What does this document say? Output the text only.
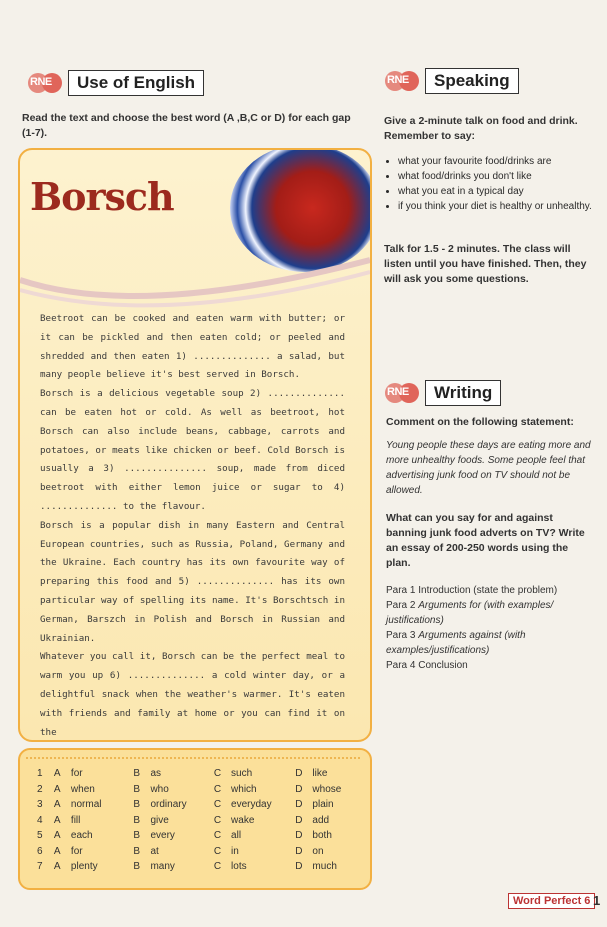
RNE	Use of English
Read the text and choose the best word (A ,B,C or D) for each gap (1-7).
Borsch

Beetroot can be cooked and eaten warm with butter; or it can be pickled and then eaten cold; or peeled and shredded and then eaten 1) .............. a salad, but many people believe it's best served in Borsch.

Borsch is a delicious vegetable soup 2) .............. can be eaten hot or cold. As well as beetroot, hot Borsch can also include beans, cabbage, carrots and potatoes, or meats like chicken or beef. Cold Borsch is usually a 3) ............... soup, made from diced beetroot with either lemon juice or sugar to 4) .............. to the flavour.

Borsch is a popular dish in many Eastern and Central European countries, such as Russia, Poland, Germany and the Ukraine. Each country has its own favourite way of preparing this food and 5) .............. has its own particular way of spelling its name. It's Borschtsch in German, Barszch in Polish and Borsch in Russian and Ukrainian.

Whatever you call it, Borsch can be the perfect meal to warm you up 6) .............. a cold winter day, or a delightful snack when the weather's warmer. It's eaten with friends and family at home or you can find it on the

1	A	for	B	as	C	such	D	like
2	A	when	B	who	C	which	D	whose
3	A	normal	B	ordinary	C	everyday	D	plain
4	A	fill	B	give	C	wake	D	add
5	A	each	B	every	C	all	D	both
6	A	for	B	at	C	in	D	on
7	A	plenty	B	many	C	lots	D	much
RNE	Speaking
Give a 2-minute talk on food and drink. Remember to say:
• what your favourite food/drinks are
• what food/drinks you don't like
• what you eat in a typical day
• if you think your diet is healthy or unhealthy.
Talk for 1.5 - 2 minutes. The class will listen until you have finished. Then, they will ask you some questions.
RNE	Writing
Comment on the following statement:
Young people these days are eating more and more unhealthy foods. Some people feel that advertising junk food on TV should not be allowed.
What can you say for and against banning junk food adverts on TV? Write an essay of 200-250 words using the plan.
Para 1 Introduction (state the problem)
Para 2 Arguments for (with examples/ justifications)
Para 3 Arguments against (with examples/justifications)
Para 4 Conclusion
Word Perfect 6 1
